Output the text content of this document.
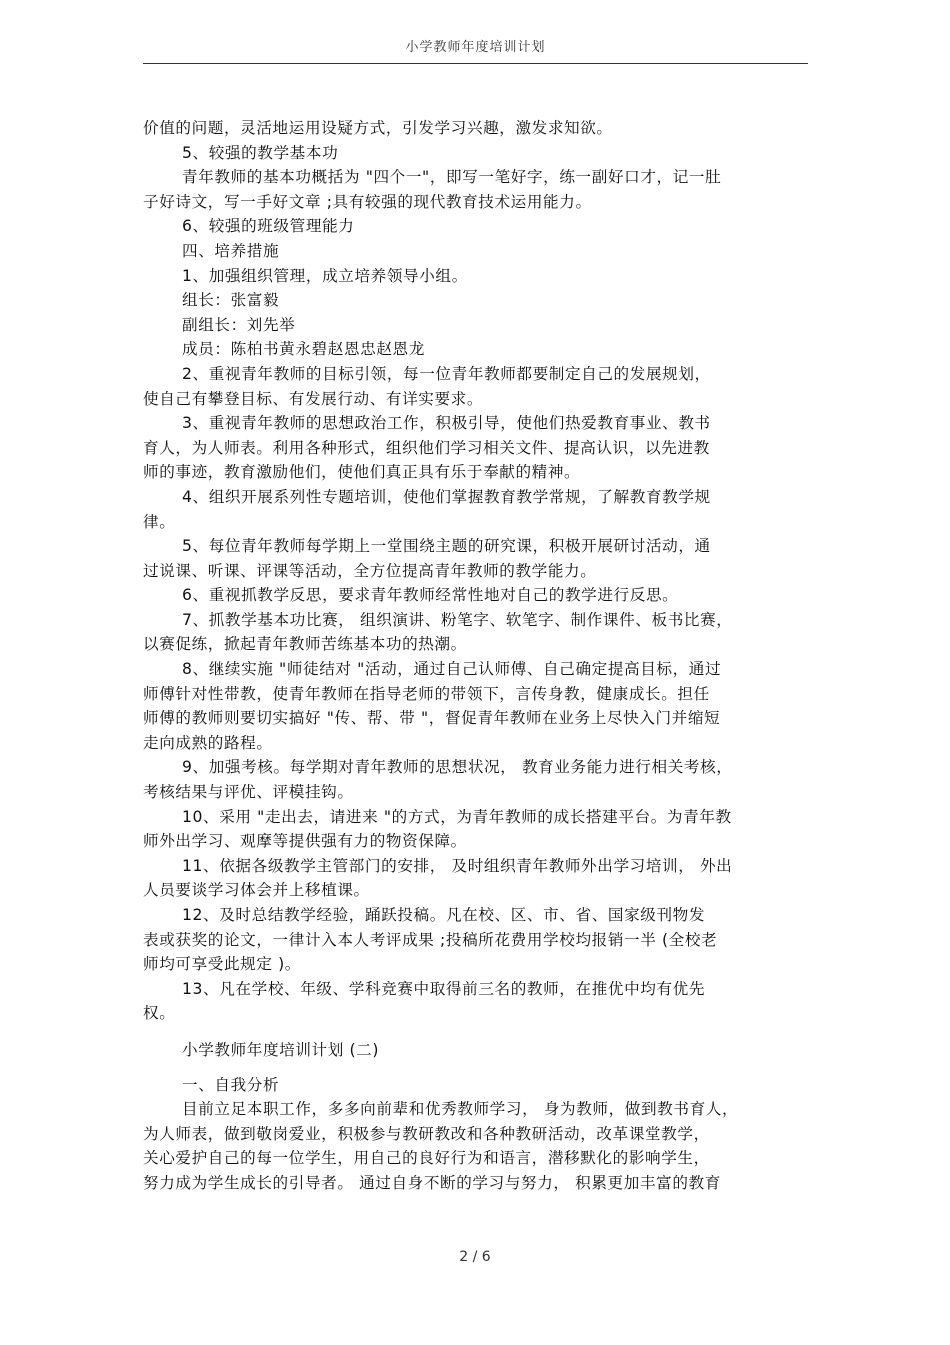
小学教师年度培训计划
价值的问题，灵活地运用设疑方式，引发学习兴趣，激发求知欲。
5、较强的教学基本功
青年教师的基本功概括为 "四个一"，即写一笔好字，练一副好口才，记一肚
子好诗文，写一手好文章 ;具有较强的现代教育技术运用能力。
6、较强的班级管理能力
四、培养措施
1、加强组织管理，成立培养领导小组。
组长：张富毅
副组长：刘先举
成员：陈柏书黄永碧赵恩忠赵恩龙
2、重视青年教师的目标引领，每一位青年教师都要制定自己的发展规划，
使自己有攀登目标、有发展行动、有详实要求。
3、重视青年教师的思想政治工作，积极引导，使他们热爱教育事业、教书
育人，为人师表。利用各种形式，组织他们学习相关文件、提高认识，以先进教
师的事迹，教育激励他们，使他们真正具有乐于奉献的精神。
4、组织开展系列性专题培训，使他们掌握教育教学常规，了解教育教学规
律。
5、每位青年教师每学期上一堂围绕主题的研究课，积极开展研讨活动，通
过说课、听课、评课等活动，全方位提高青年教师的教学能力。
6、重视抓教学反思，要求青年教师经常性地对自己的教学进行反思。
7、抓教学基本功比赛， 组织演讲、粉笔字、软笔字、制作课件、板书比赛，
以赛促练，掀起青年教师苦练基本功的热潮。
8、继续实施 "师徒结对 "活动，通过自己认师傅、自己确定提高目标，通过
师傅针对性带教，使青年教师在指导老师的带领下，言传身教，健康成长。担任
师傅的教师则要切实搞好 "传、帮、带 "，督促青年教师在业务上尽快入门并缩短
走向成熟的路程。
9、加强考核。每学期对青年教师的思想状况， 教育业务能力进行相关考核，
考核结果与评优、评模挂钩。
10、采用 "走出去，请进来 "的方式，为青年教师的成长搭建平台。为青年教
师外出学习、观摩等提供强有力的物资保障。
11、依据各级教学主管部门的安排， 及时组织青年教师外出学习培训， 外出
人员要谈学习体会并上移植课。
12、及时总结教学经验，踊跃投稿。凡在校、区、市、省、国家级刊物发
表或获奖的论文，一律计入本人考评成果 ;投稿所花费用学校均报销一半 (全校老
师均可享受此规定 )。
13、凡在学校、年级、学科竞赛中取得前三名的教师，在推优中均有优先
权。
小学教师年度培训计划 (二)
一、自我分析
目前立足本职工作，多多向前辈和优秀教师学习， 身为教师，做到教书育人，
为人师表，做到敬岗爱业，积极参与教研教改和各种教研活动，改革课堂教学，
关心爱护自己的每一位学生，用自己的良好行为和语言，潜移默化的影响学生，
努力成为学生成长的引导者。 通过自身不断的学习与努力， 积累更加丰富的教育
2 / 6
